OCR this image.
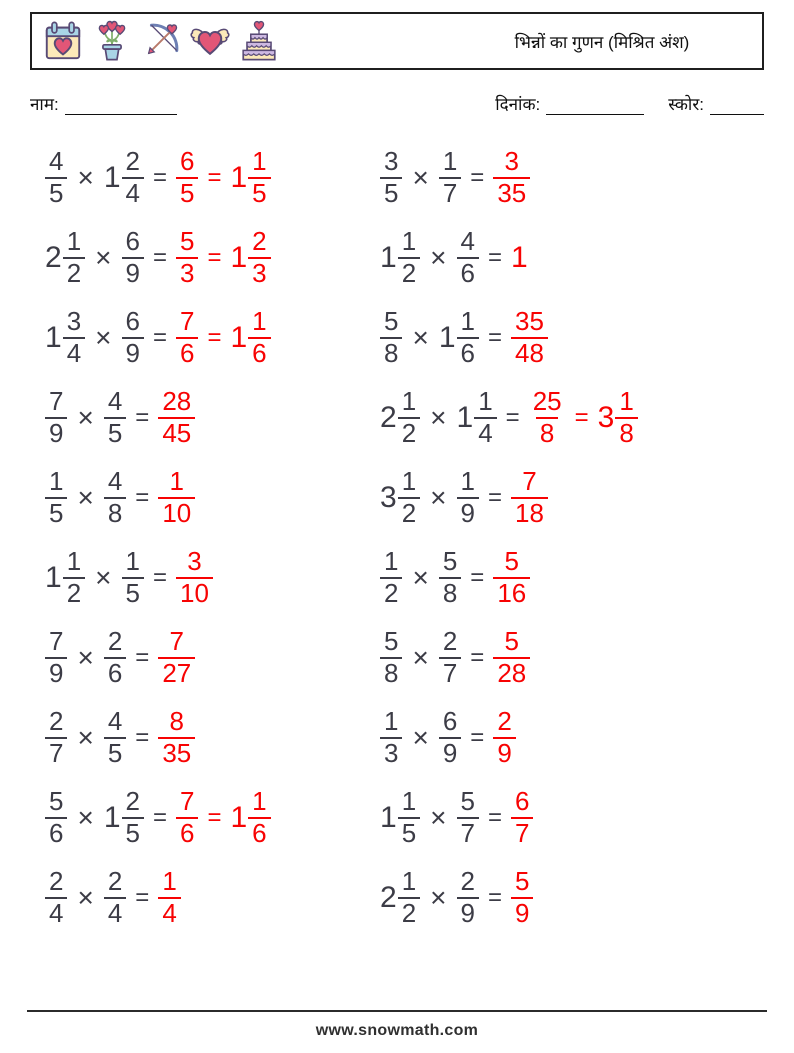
भिन्नों का गुणन (मिश्रित अंश)
नाम:	दिनांक:	स्कोर:
$\frac{4}{5} \times 1 \frac{2}{4} = \frac{6}{5} = 1 \frac{1}{5}$	$\frac{3}{5} \times \frac{1}{7} = \frac{3}{35}$
$2 \frac{1}{2} \times \frac{6}{9} = \frac{5}{3} = 1 \frac{2}{3}$	$1 \frac{1}{2} \times \frac{4}{6} = 1$
$1 \frac{3}{4} \times \frac{6}{9} = \frac{7}{6} = 1 \frac{1}{6}$	$\frac{5}{8} \times 1 \frac{1}{6} = \frac{35}{48}$
$\frac{7}{9} \times \frac{4}{5} = \frac{28}{45}$	$2 \frac{1}{2} \times 1 \frac{1}{4} = \frac{25}{8} = 3 \frac{1}{8}$
$\frac{1}{5} \times \frac{4}{8} = \frac{1}{10}$	$3 \frac{1}{2} \times \frac{1}{9} = \frac{7}{18}$
$1 \frac{1}{2} \times \frac{1}{5} = \frac{3}{10}$	$\frac{1}{2} \times \frac{5}{8} = \frac{5}{16}$
$\frac{7}{9} \times \frac{2}{6} = \frac{7}{27}$	$\frac{5}{8} \times \frac{2}{7} = \frac{5}{28}$
$\frac{2}{7} \times \frac{4}{5} = \frac{8}{35}$	$\frac{1}{3} \times \frac{6}{9} = \frac{2}{9}$
$\frac{5}{6} \times 1 \frac{2}{5} = \frac{7}{6} = 1 \frac{1}{6}$	$1 \frac{1}{5} \times \frac{5}{7} = \frac{6}{7}$
$\frac{2}{4} \times \frac{2}{4} = \frac{1}{4}$	$2 \frac{1}{2} \times \frac{2}{9} = \frac{5}{9}$
www.snowmath.com
